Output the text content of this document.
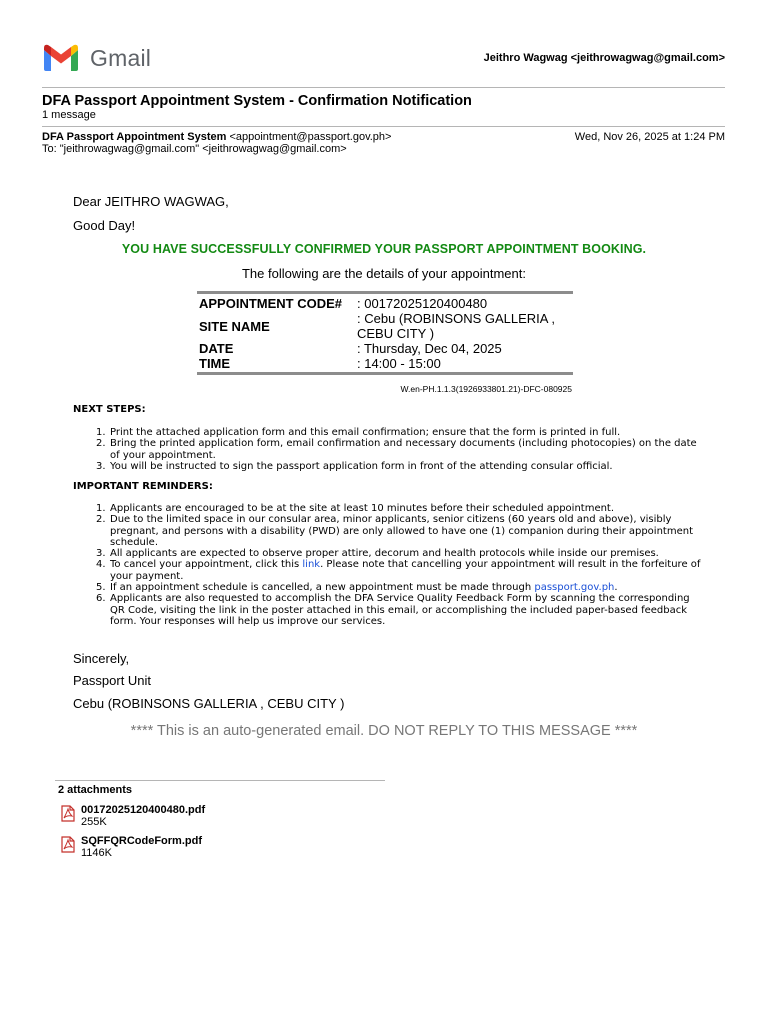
Gmail	Jeithro Wagwag <jeithrowagwag@gmail.com>
DFA Passport Appointment System - Confirmation Notification
1 message
DFA Passport Appointment System <appointment@passport.gov.ph>	Wed, Nov 26, 2025 at 1:24 PM
To: "jeithrowagwag@gmail.com" <jeithrowagwag@gmail.com>
Dear JEITHRO WAGWAG,
Good Day!
YOU HAVE SUCCESSFULLY CONFIRMED YOUR PASSPORT APPOINTMENT BOOKING.
The following are the details of your appointment:
APPOINTMENT CODE#	: 00172025120400480
SITE NAME	: Cebu (ROBINSONS GALLERIA , CEBU CITY )
DATE	: Thursday, Dec 04, 2025
TIME	: 14:00 - 15:00
W.en-PH.1.1.3(1926933801.21)-DFC-080925
NEXT STEPS:
1. Print the attached application form and this email confirmation; ensure that the form is printed in full.
2. Bring the printed application form, email confirmation and necessary documents (including photocopies) on the date of your appointment.
3. You will be instructed to sign the passport application form in front of the attending consular official.
IMPORTANT REMINDERS:
1. Applicants are encouraged to be at the site at least 10 minutes before their scheduled appointment.
2. Due to the limited space in our consular area, minor applicants, senior citizens (60 years old and above), visibly pregnant, and persons with a disability (PWD) are only allowed to have one (1) companion during their appointment schedule.
3. All applicants are expected to observe proper attire, decorum and health protocols while inside our premises.
4. To cancel your appointment, click this link. Please note that cancelling your appointment will result in the forfeiture of your payment.
5. If an appointment schedule is cancelled, a new appointment must be made through passport.gov.ph.
6. Applicants are also requested to accomplish the DFA Service Quality Feedback Form by scanning the corresponding QR Code, visiting the link in the poster attached in this email, or accomplishing the included paper-based feedback form. Your responses will help us improve our services.
Sincerely,
Passport Unit
Cebu (ROBINSONS GALLERIA , CEBU CITY )
**** This is an auto-generated email. DO NOT REPLY TO THIS MESSAGE ****
2 attachments
00172025120400480.pdf
255K
SQFFQRCodeForm.pdf
1146K
